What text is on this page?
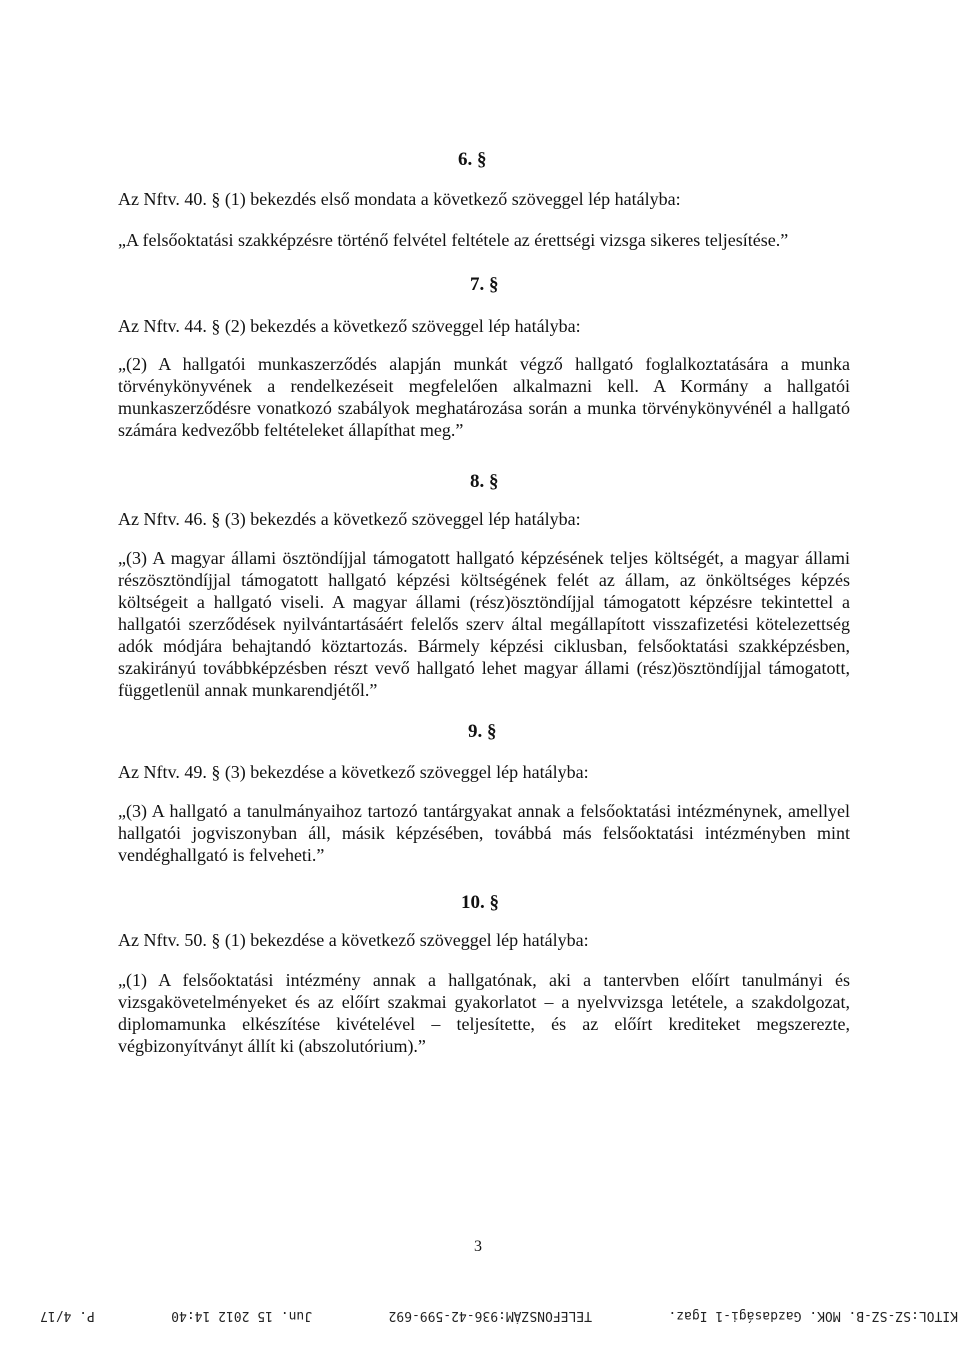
6. §
Az Nftv. 40. § (1) bekezdés első mondata a következő szöveggel lép hatályba:
„A felsőoktatási szakképzésre történő felvétel feltétele az érettségi vizsga sikeres teljesítése.”
7. §
Az Nftv. 44. § (2) bekezdés a következő szöveggel lép hatályba:
„(2) A hallgatói munkaszerződés alapján munkát végző hallgató foglalkoztatására a munka törvénykönyvének a rendelkezéseit megfelelően alkalmazni kell. A Kormány a hallgatói munkaszerződésre vonatkozó szabályok meghatározása során a munka törvénykönyvénél a hallgató számára kedvezőbb feltételeket állapíthat meg.”
8. §
Az Nftv. 46. § (3) bekezdés a következő szöveggel lép hatályba:
„(3) A magyar állami ösztöndíjjal támogatott hallgató képzésének teljes költségét, a magyar állami részösztöndíjjal támogatott hallgató képzési költségének felét az állam, az önköltséges képzés költségeit a hallgató viseli. A magyar állami (rész)ösztöndíjjal támogatott képzésre tekintettel a hallgatói szerződések nyilvántartásáért felelős szerv által megállapított visszafizetési kötelezettség adók módjára behajtandó köztartozás. Bármely képzési ciklusban, felsőoktatási szakképzésben, szakirányú továbbképzésben részt vevő hallgató lehet magyar állami (rész)ösztöndíjjal támogatott, függetlenül annak munkarendjétől.”
9. §
Az Nftv. 49. § (3) bekezdése a következő szöveggel lép hatályba:
„(3) A hallgató a tanulmányaihoz tartozó tantárgyakat annak a felsőoktatási intézménynek, amellyel hallgatói jogviszonyban áll, másik képzésében, továbbá más felsőoktatási intézményben mint vendéghallgató is felveheti.”
10. §
Az Nftv. 50. § (1) bekezdése a következő szöveggel lép hatályba:
„(1) A felsőoktatási intézmény annak a hallgatónak, aki a tantervben előírt tanulmányi és vizsgakövetelményeket és az előírt szakmai gyakorlatot – a nyelvvizsga letétele, a szakdolgozat, diplomamunka elkészítése kivételével – teljesítette, és az előírt krediteket megszerezte, végbizonyítványt állít ki (abszolutórium).”
3
KITOL:SZ-SZ-B. MOK. Gazdasági-1 Igaz.
TELEFONSZÁM:936-42-599-692
Jun. 15 2012 14:40
P. 4/17
